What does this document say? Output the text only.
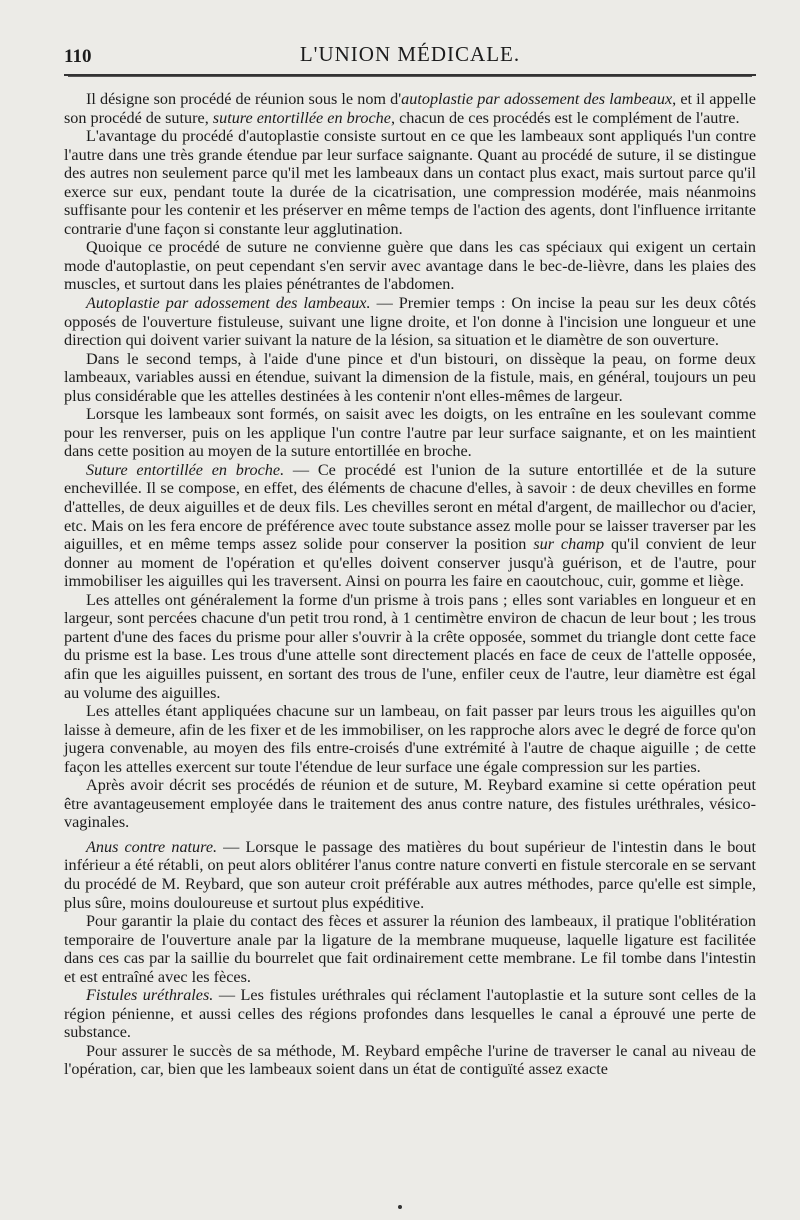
110	L'UNION MÉDICALE.

Il désigne son procédé de réunion sous le nom d'autoplastie par adossement des lambeaux, et il appelle son procédé de suture, suture entortillée en broche, chacun de ces procédés est le complément de l'autre.

L'avantage du procédé d'autoplastie consiste surtout en ce que les lambeaux sont appliqués l'un contre l'autre dans une très grande étendue par leur surface saignante. Quant au procédé de suture, il se distingue des autres non seulement parce qu'il met les lambeaux dans un contact plus exact, mais surtout parce qu'il exerce sur eux, pendant toute la durée de la cicatrisation, une compression modérée, mais néanmoins suffisante pour les contenir et les préserver en même temps de l'action des agents, dont l'influence irritante contrarie d'une façon si constante leur agglutination.

Quoique ce procédé de suture ne convienne guère que dans les cas spéciaux qui exigent un certain mode d'autoplastie, on peut cependant s'en servir avec avantage dans le bec-de-lièvre, dans les plaies des muscles, et surtout dans les plaies pénétrantes de l'abdomen.

Autoplastie par adossement des lambeaux. — Premier temps : On incise la peau sur les deux côtés opposés de l'ouverture fistuleuse, suivant une ligne droite, et l'on donne à l'incision une longueur et une direction qui doivent varier suivant la nature de la lésion, sa situation et le diamètre de son ouverture.

Dans le second temps, à l'aide d'une pince et d'un bistouri, on dissèque la peau, on forme deux lambeaux, variables aussi en étendue, suivant la dimension de la fistule, mais, en général, toujours un peu plus considérable que les attelles destinées à les contenir n'ont elles-mêmes de largeur.

Lorsque les lambeaux sont formés, on saisit avec les doigts, on les entraîne en les soulevant comme pour les renverser, puis on les applique l'un contre l'autre par leur surface saignante, et on les maintient dans cette position au moyen de la suture entortillée en broche.

Suture entortillée en broche. — Ce procédé est l'union de la suture entortillée et de la suture enchevillée. Il se compose, en effet, des éléments de chacune d'elles, à savoir : de deux chevilles en forme d'attelles, de deux aiguilles et de deux fils. Les chevilles seront en métal d'argent, de maillechor ou d'acier, etc. Mais on les fera encore de préférence avec toute substance assez molle pour se laisser traverser par les aiguilles, et en même temps assez solide pour conserver la position sur champ qu'il convient de leur donner au moment de l'opération et qu'elles doivent conserver jusqu'à guérison, et de l'autre, pour immobiliser les aiguilles qui les traversent. Ainsi on pourra les faire en caoutchouc, cuir, gomme et liège.

Les attelles ont généralement la forme d'un prisme à trois pans ; elles sont variables en longueur et en largeur, sont percées chacune d'un petit trou rond, à 1 centimètre environ de chacun de leur bout ; les trous partent d'une des faces du prisme pour aller s'ouvrir à la crête opposée, sommet du triangle dont cette face du prisme est la base. Les trous d'une attelle sont directement placés en face de ceux de l'attelle opposée, afin que les aiguilles puissent, en sortant des trous de l'une, enfiler ceux de l'autre, leur diamètre est égal au volume des aiguilles.

Les attelles étant appliquées chacune sur un lambeau, on fait passer par leurs trous les aiguilles qu'on laisse à demeure, afin de les fixer et de les immobiliser, on les rapproche alors avec le degré de force qu'on jugera convenable, au moyen des fils entre-croisés d'une extrémité à l'autre de chaque aiguille ; de cette façon les attelles exercent sur toute l'étendue de leur surface une égale compression sur les parties.

Après avoir décrit ses procédés de réunion et de suture, M. Reybard examine si cette opération peut être avantageusement employée dans le traitement des anus contre nature, des fistules uréthrales, vésico-vaginales.

Anus contre nature. — Lorsque le passage des matières du bout supérieur de l'intestin dans le bout inférieur a été rétabli, on peut alors oblitérer l'anus contre nature converti en fistule stercorale en se servant du procédé de M. Reybard, que son auteur croit préférable aux autres méthodes, parce qu'elle est simple, plus sûre, moins douloureuse et surtout plus expéditive.

Pour garantir la plaie du contact des fèces et assurer la réunion des lambeaux, il pratique l'oblitération temporaire de l'ouverture anale par la ligature de la membrane muqueuse, laquelle ligature est facilitée dans ces cas par la saillie du bourrelet que fait ordinairement cette membrane. Le fil tombe dans l'intestin et est entraîné avec les fèces.

Fistules uréthrales. — Les fistules uréthrales qui réclament l'autoplastie et la suture sont celles de la région pénienne, et aussi celles des régions profondes dans lesquelles le canal a éprouvé une perte de substance.

Pour assurer le succès de sa méthode, M. Reybard empêche l'urine de traverser le canal au niveau de l'opération, car, bien que les lambeaux soient dans un état de contiguïté assez exacte
